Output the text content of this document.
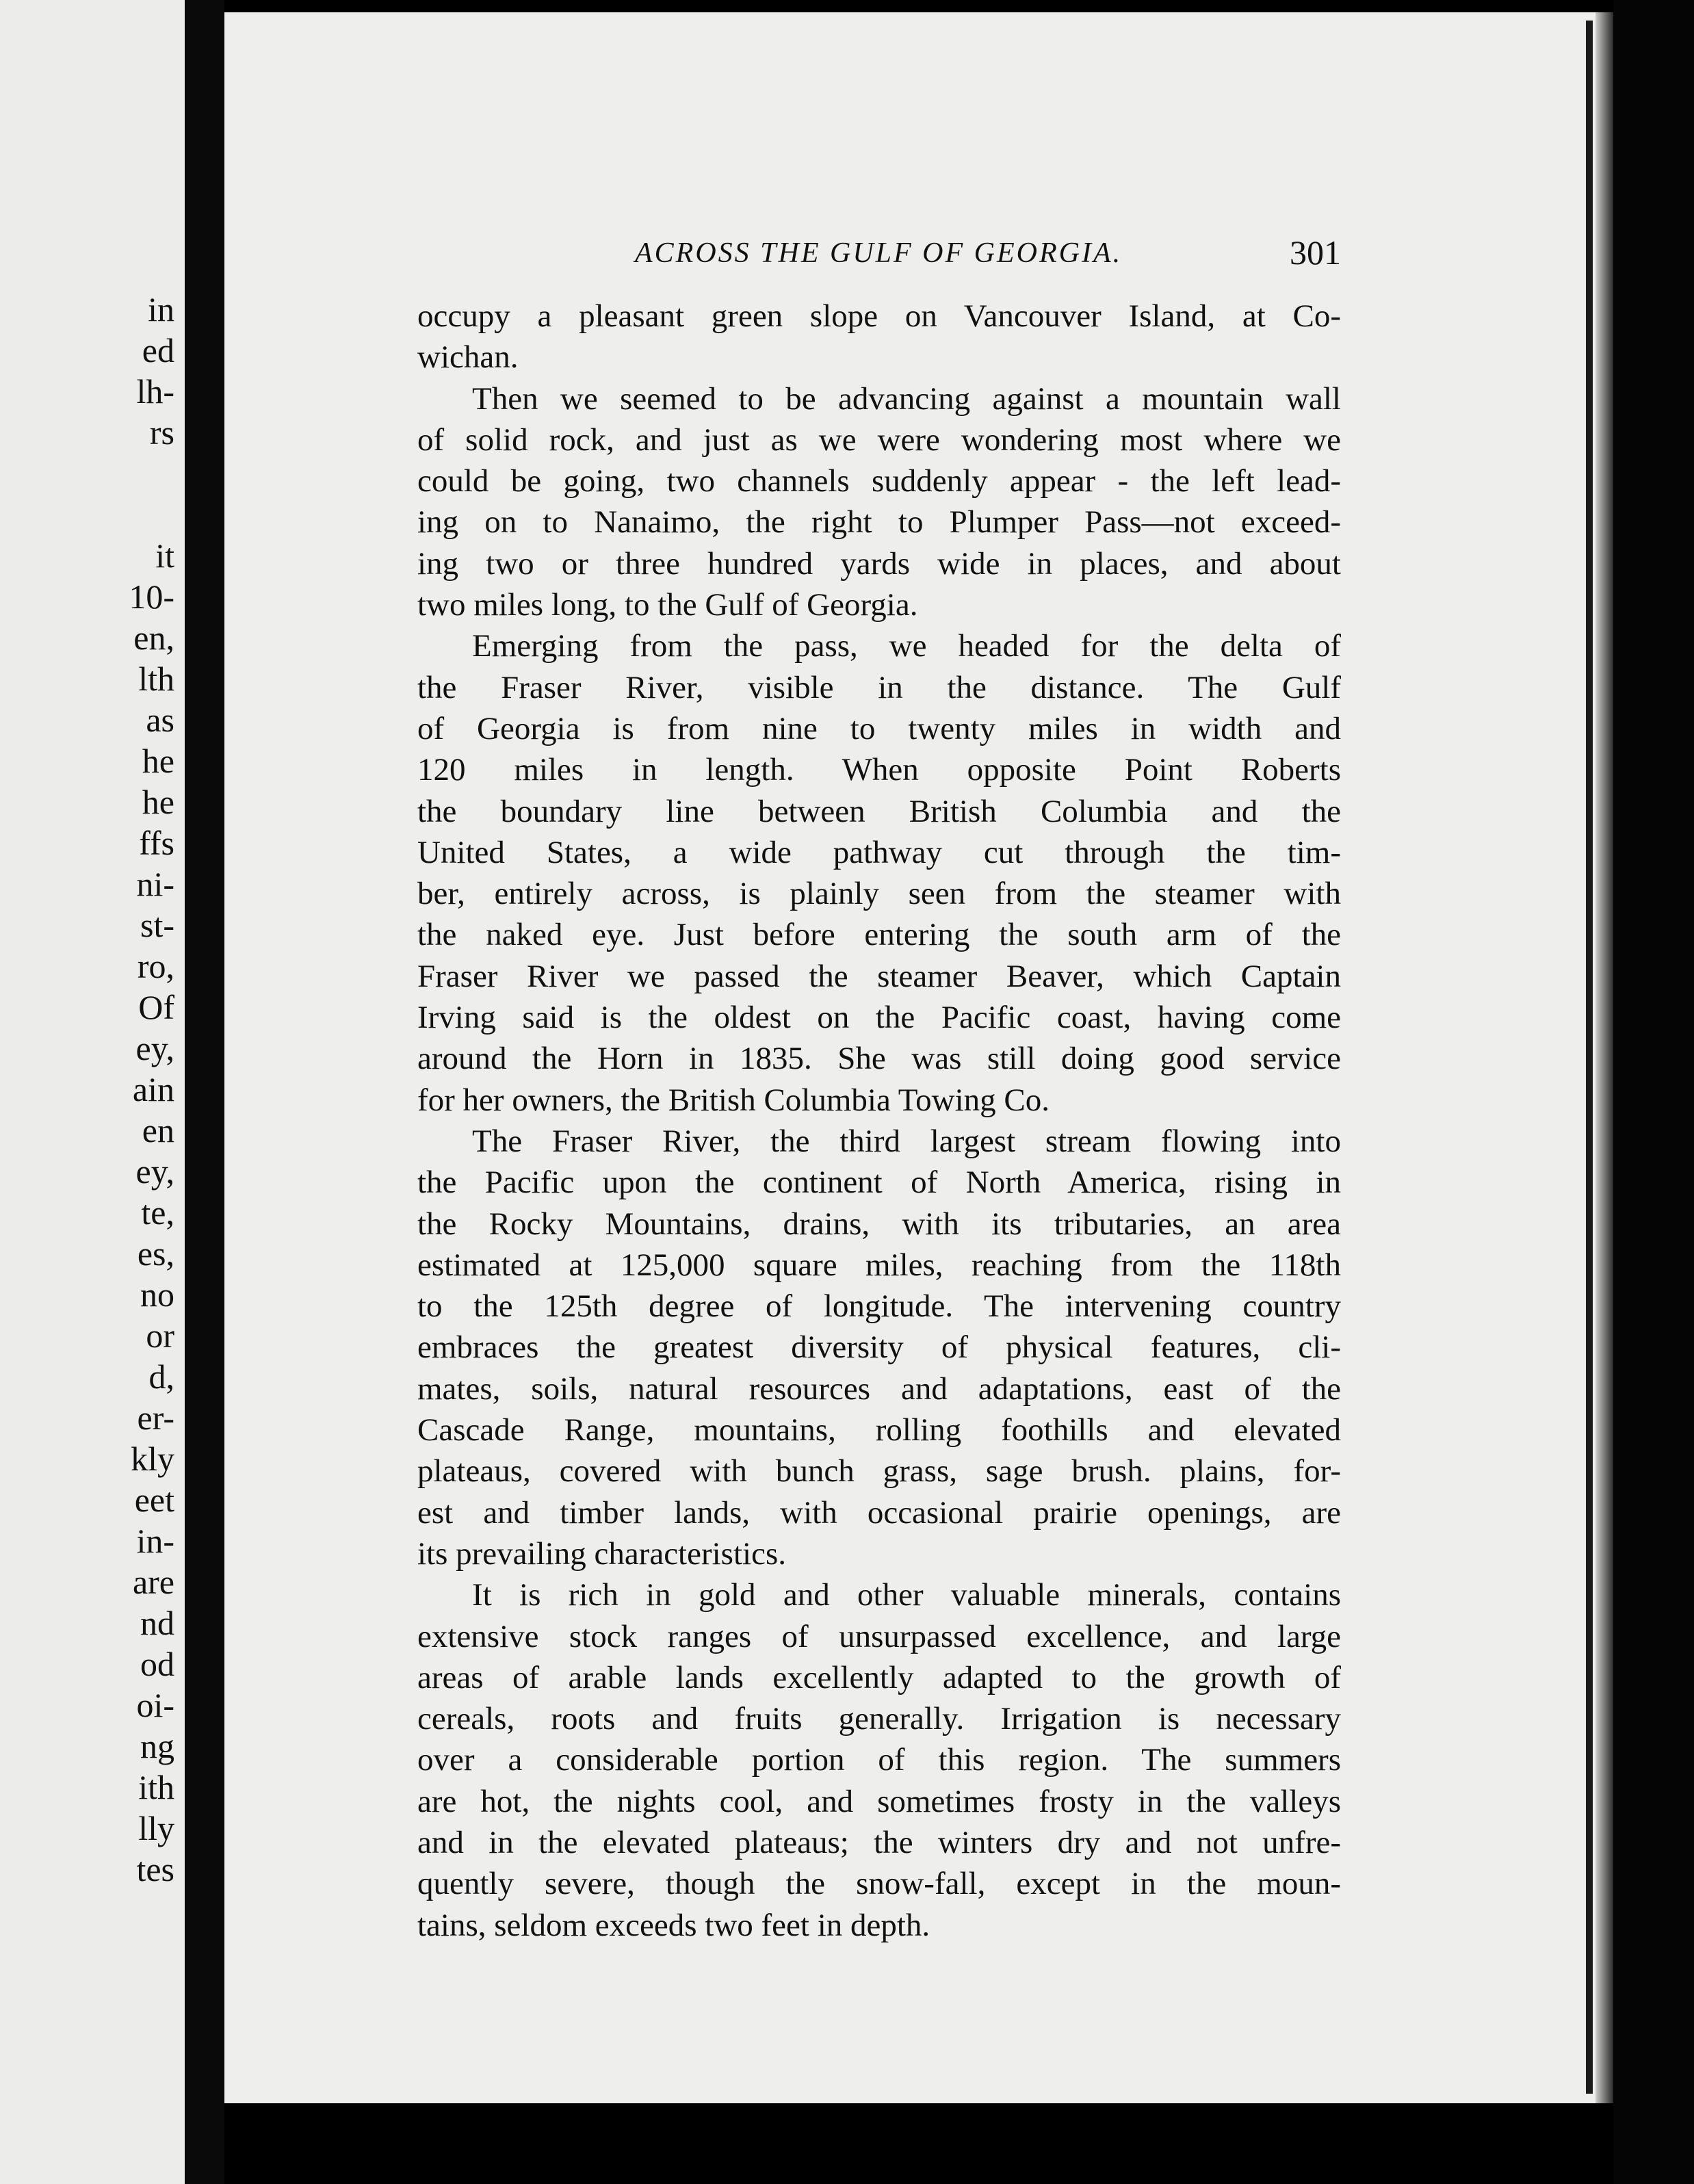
in
ed
lh-
rs
it
10-
en,
lth
as
he
he
ffs
ni-
st-
ro,
Of
ey,
ain
en
ey,
te,
es,
no
or
d,
er-
kly
eet
in-
are
nd
od
oi-
ng
ith
lly
tes
ACROSS THE GULF OF GEORGIA.	301
occupy a pleasant green slope on Vancouver Island, at Co-
wichan.
Then we seemed to be advancing against a mountain wall
of solid rock, and just as we were wondering most where we
could be going, two channels suddenly appear - the left lead-
ing on to Nanaimo, the right to Plumper Pass—not exceed-
ing two or three hundred yards wide in places, and about
two miles long, to the Gulf of Georgia.
Emerging from the pass, we headed for the delta of
the Fraser River, visible in the distance. The Gulf
of Georgia is from nine to twenty miles in width and
120 miles in length. When opposite Point Roberts
the boundary line between British Columbia and the
United States, a wide pathway cut through the tim-
ber, entirely across, is plainly seen from the steamer with
the naked eye. Just before entering the south arm of the
Fraser River we passed the steamer Beaver, which Captain
Irving said is the oldest on the Pacific coast, having come
around the Horn in 1835. She was still doing good service
for her owners, the British Columbia Towing Co.
The Fraser River, the third largest stream flowing into
the Pacific upon the continent of North America, rising in
the Rocky Mountains, drains, with its tributaries, an area
estimated at 125,000 square miles, reaching from the 118th
to the 125th degree of longitude. The intervening country
embraces the greatest diversity of physical features, cli-
mates, soils, natural resources and adaptations, east of the
Cascade Range, mountains, rolling foothills and elevated
plateaus, covered with bunch grass, sage brush. plains, for-
est and timber lands, with occasional prairie openings, are
its prevailing characteristics.
It is rich in gold and other valuable minerals, contains
extensive stock ranges of unsurpassed excellence, and large
areas of arable lands excellently adapted to the growth of
cereals, roots and fruits generally. Irrigation is necessary
over a considerable portion of this region. The summers
are hot, the nights cool, and sometimes frosty in the valleys
and in the elevated plateaus; the winters dry and not unfre-
quently severe, though the snow-fall, except in the moun-
tains, seldom exceeds two feet in depth.
